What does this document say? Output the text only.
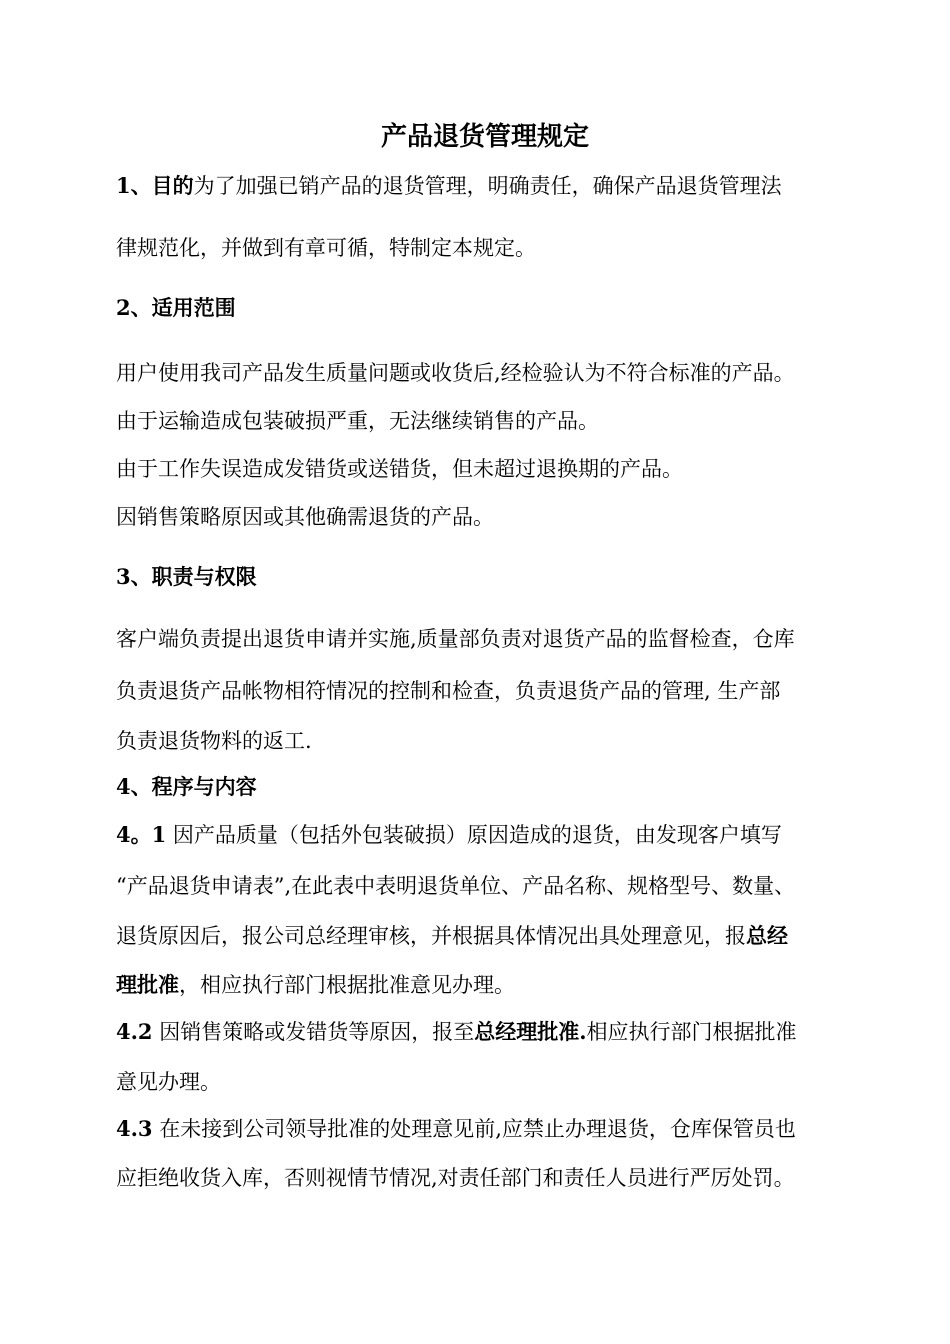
产品退货管理规定
1、目的为了加强已销产品的退货管理，明确责任，确保产品退货管理法
律规范化，并做到有章可循，特制定本规定。
2、适用范围
用户使用我司产品发生质量问题或收货后,经检验认为不符合标准的产品。
由于运输造成包装破损严重，无法继续销售的产品。
由于工作失误造成发错货或送错货，但未超过退换期的产品。
因销售策略原因或其他确需退货的产品。
3、职责与权限
客户端负责提出退货申请并实施,质量部负责对退货产品的监督检查，仓库
负责退货产品帐物相符情况的控制和检查，负责退货产品的管理, 生产部
负责退货物料的返工.
4、程序与内容
4。1 因产品质量（包括外包装破损）原因造成的退货，由发现客户填写
“产品退货申请表”,在此表中表明退货单位、产品名称、规格型号、数量、
退货原因后，报公司总经理审核，并根据具体情况出具处理意见，报总经
理批准，相应执行部门根据批准意见办理。
4.2 因销售策略或发错货等原因，报至总经理批准.相应执行部门根据批准
意见办理。
4.3 在未接到公司领导批准的处理意见前,应禁止办理退货，仓库保管员也
应拒绝收货入库，否则视情节情况,对责任部门和责任人员进行严厉处罚。
